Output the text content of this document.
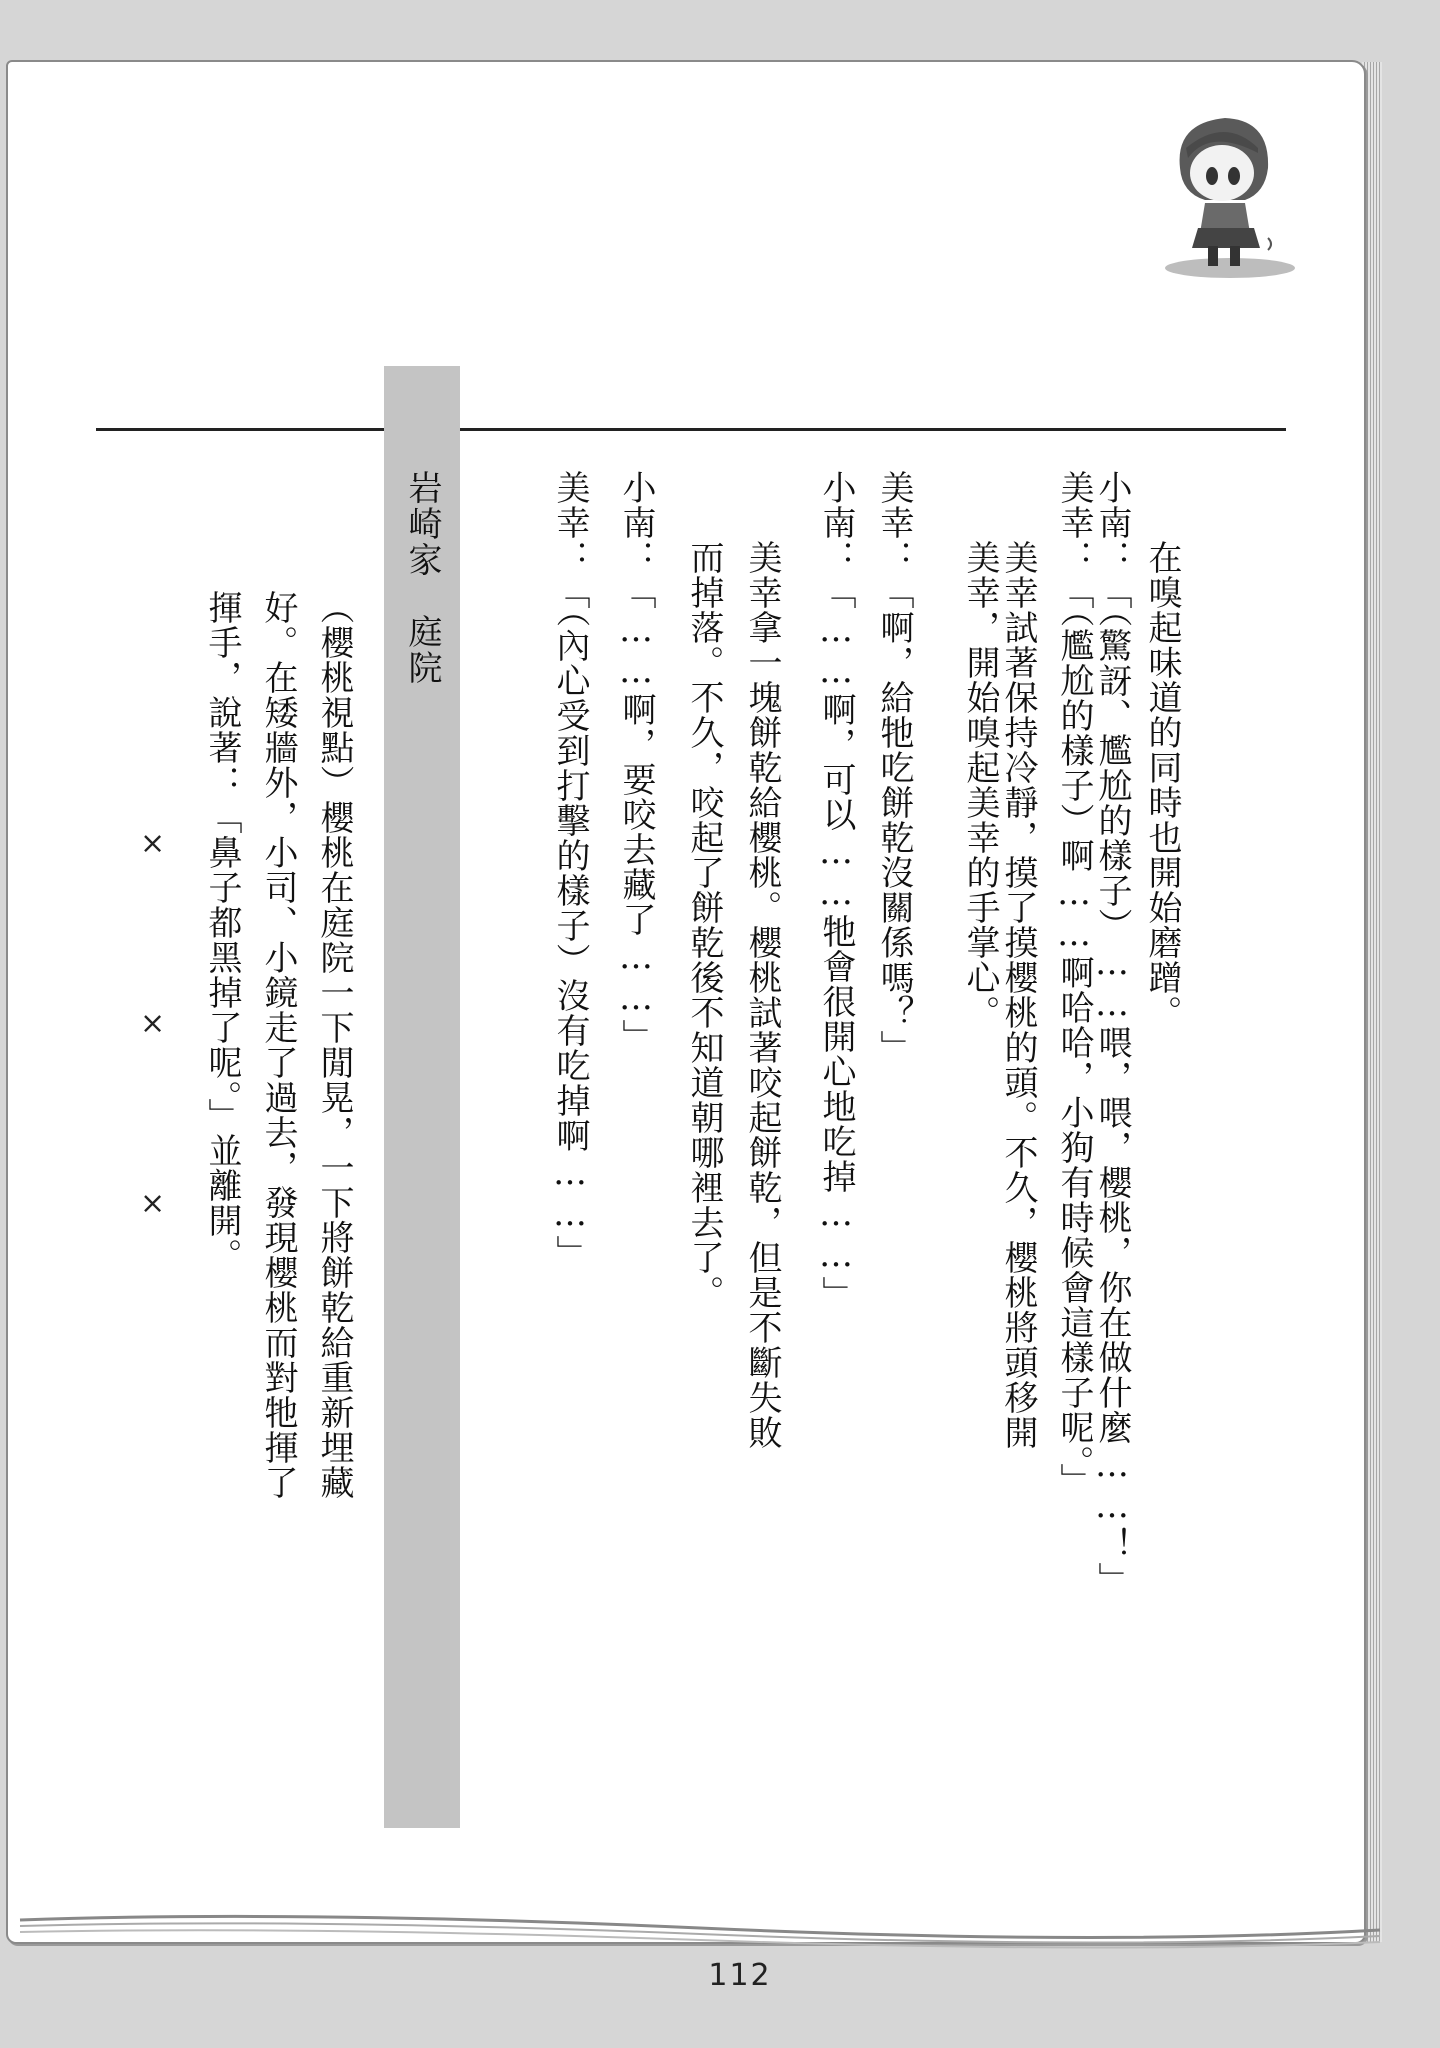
　　在嗅起味道的同時也開始磨蹭。
小南：「（驚訝、尷尬的樣子）……喂，喂，櫻桃，你在做什麼……！」
美幸：「（尷尬的樣子）啊……啊哈哈，小狗有時候會這樣子呢。」
　　美幸試著保持冷靜，摸了摸櫻桃的頭。不久，櫻桃將頭移開
　　美幸，開始嗅起美幸的手掌心。
美幸：「啊，給牠吃餅乾沒關係嗎？」
小南：「……啊，可以……牠會很開心地吃掉……」
　　美幸拿一塊餅乾給櫻桃。櫻桃試著咬起餅乾，但是不斷失敗
　　而掉落。不久，咬起了餅乾後不知道朝哪裡去了。
小南：「……啊，要咬去藏了……」
美幸：「（內心受到打擊的樣子）沒有吃掉啊……」
岩崎家　庭院
（櫻桃視點）櫻桃在庭院一下閒晃，一下將餅乾給重新埋藏
好。在矮牆外，小司、小鏡走了過去，發現櫻桃而對牠揮了
揮手，說著：「鼻子都黑掉了呢。」並離開。
×
×
×
112
